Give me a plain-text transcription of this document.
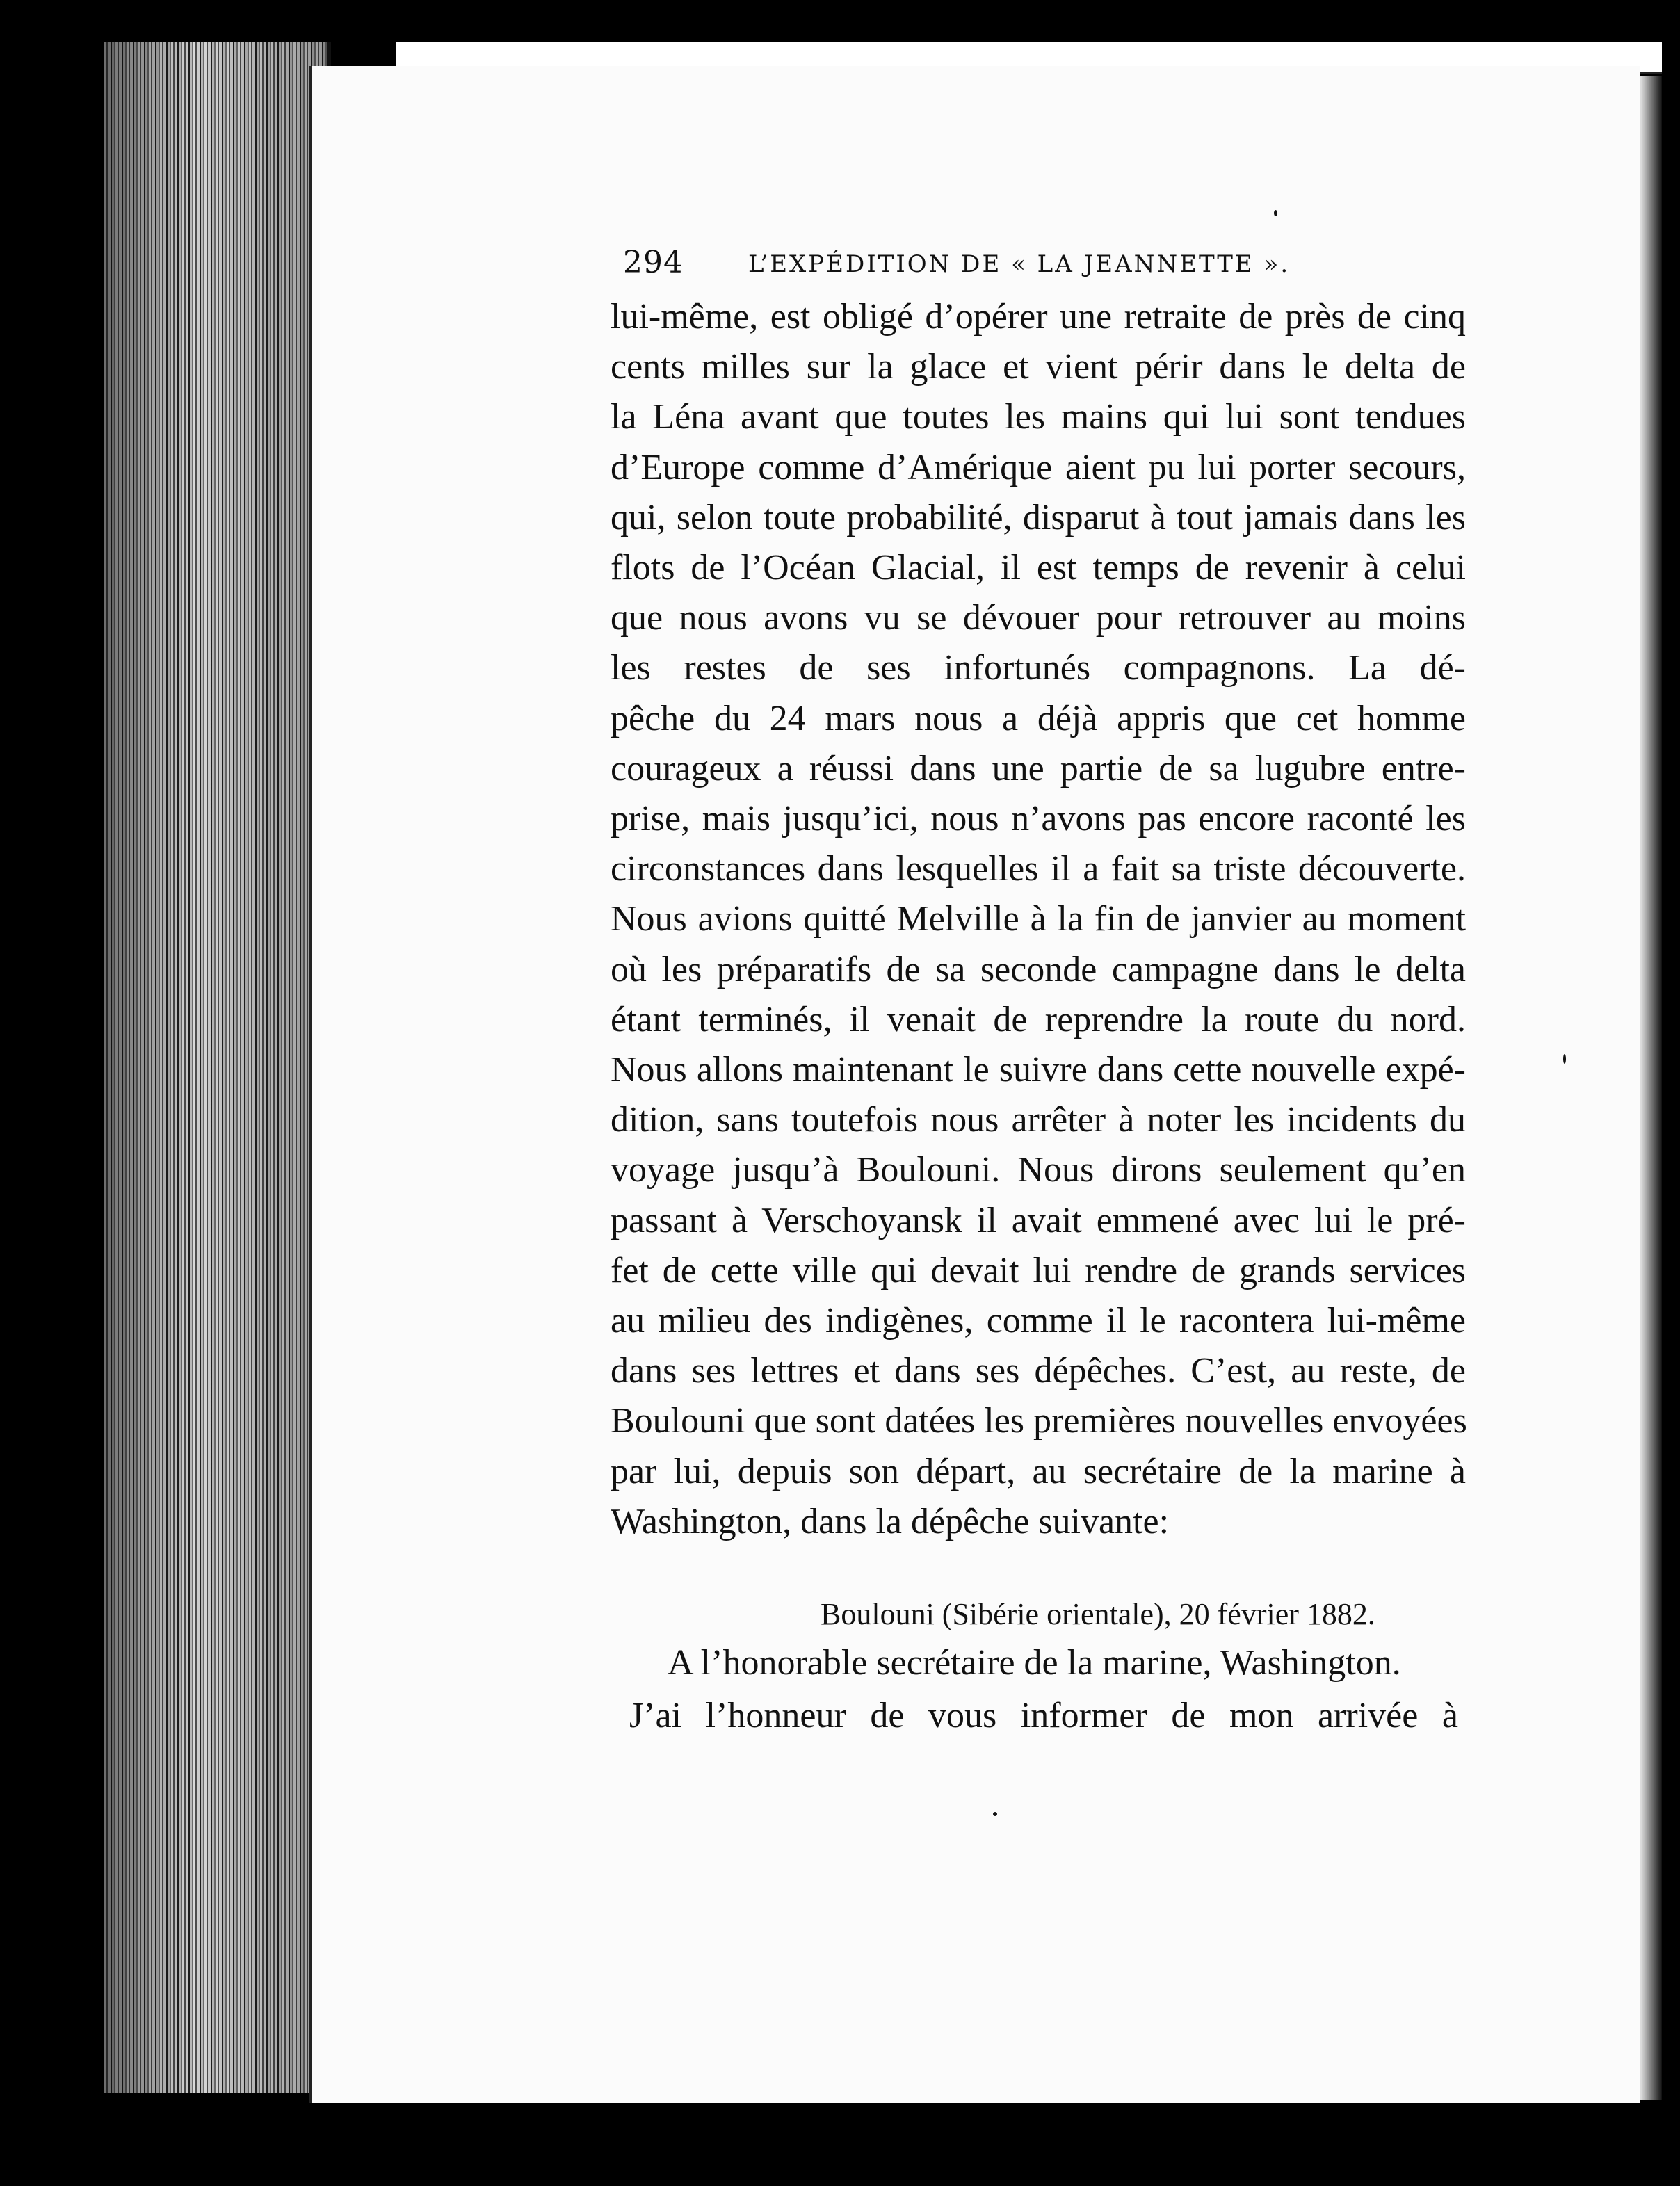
294	L’EXPÉDITION DE « LA JEANNETTE ».
lui-même, est obligé d’opérer une retraite de près de cinq
cents milles sur la glace et vient périr dans le delta de
la Léna avant que toutes les mains qui lui sont tendues
d’Europe comme d’Amérique aient pu lui porter secours,
qui, selon toute probabilité, disparut à tout jamais dans les
flots de l’Océan Glacial, il est temps de revenir à celui
que nous avons vu se dévouer pour retrouver au moins
les restes de ses infortunés compagnons. La dé-
pêche du 24 mars nous a déjà appris que cet homme
courageux a réussi dans une partie de sa lugubre entre-
prise, mais jusqu’ici, nous n’avons pas encore raconté les
circonstances dans lesquelles il a fait sa triste découverte.
Nous avions quitté Melville à la fin de janvier au moment
où les préparatifs de sa seconde campagne dans le delta
étant terminés, il venait de reprendre la route du nord.
Nous allons maintenant le suivre dans cette nouvelle expé-
dition, sans toutefois nous arrêter à noter les incidents du
voyage jusqu’à Boulouni. Nous dirons seulement qu’en
passant à Verschoyansk il avait emmené avec lui le pré-
fet de cette ville qui devait lui rendre de grands services
au milieu des indigènes, comme il le racontera lui-même
dans ses lettres et dans ses dépêches. C’est, au reste, de
Boulouni que sont datées les premières nouvelles envoyées
par lui, depuis son départ, au secrétaire de la marine à
Washington, dans la dépêche suivante:
Boulouni (Sibérie orientale), 20 février 1882.
A l’honorable secrétaire de la marine, Washington.
J’ai l’honneur de vous informer de mon arrivée à
